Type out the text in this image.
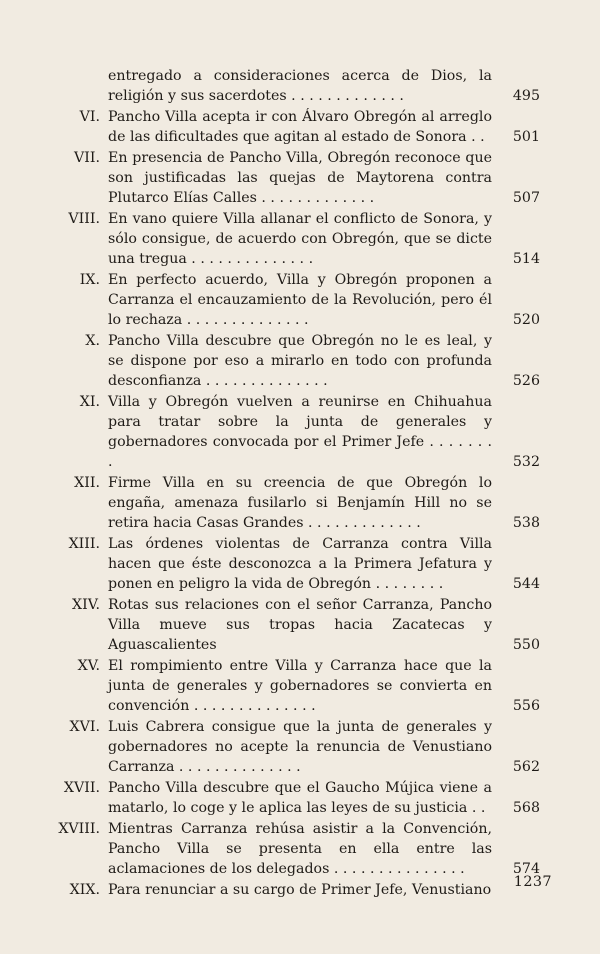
entregado a consideraciones acerca de Dios, la religión y sus sacerdotes . . . . . . . . . . . . .	495
VI. Pancho Villa acepta ir con Álvaro Obregón al arreglo de las dificultades que agitan al estado de Sonora . .	501
VII. En presencia de Pancho Villa, Obregón reconoce que son justificadas las quejas de Maytorena contra Plutarco Elías Calles . . . . . . . . . . . . .	507
VIII. En vano quiere Villa allanar el conflicto de Sonora, y sólo consigue, de acuerdo con Obregón, que se dicte una tregua . . . . . . . . . . . . . .	514
IX. En perfecto acuerdo, Villa y Obregón proponen a Carranza el encauzamiento de la Revolución, pero él lo rechaza . . . . . . . . . . . . . .	520
X. Pancho Villa descubre que Obregón no le es leal, y se dispone por eso a mirarlo en todo con profunda desconfianza . . . . . . . . . . . . . .	526
XI. Villa y Obregón vuelven a reunirse en Chihuahua para tratar sobre la junta de generales y gobernadores convocada por el Primer Jefe . . . . . . . .	532
XII. Firme Villa en su creencia de que Obregón lo engaña, amenaza fusilarlo si Benjamín Hill no se retira hacia Casas Grandes . . . . . . . . . . . . .	538
XIII. Las órdenes violentas de Carranza contra Villa hacen que éste desconozca a la Primera Jefatura y ponen en peligro la vida de Obregón . . . . . . . .	544
XIV. Rotas sus relaciones con el señor Carranza, Pancho Villa mueve sus tropas hacia Zacatecas y Aguascalientes	550
XV. El rompimiento entre Villa y Carranza hace que la junta de generales y gobernadores se convierta en convención . . . . . . . . . . . . . .	556
XVI. Luis Cabrera consigue que la junta de generales y gobernadores no acepte la renuncia de Venustiano Carranza . . . . . . . . . . . . . .	562
XVII. Pancho Villa descubre que el Gaucho Mújica viene a matarlo, lo coge y le aplica las leyes de su justicia . .	568
XVIII. Mientras Carranza rehúsa asistir a la Convención, Pancho Villa se presenta en ella entre las aclamaciones de los delegados . . . . . . . . . . . . . . .	574
XIX. Para renunciar a su cargo de Primer Jefe, Venustiano 1237
